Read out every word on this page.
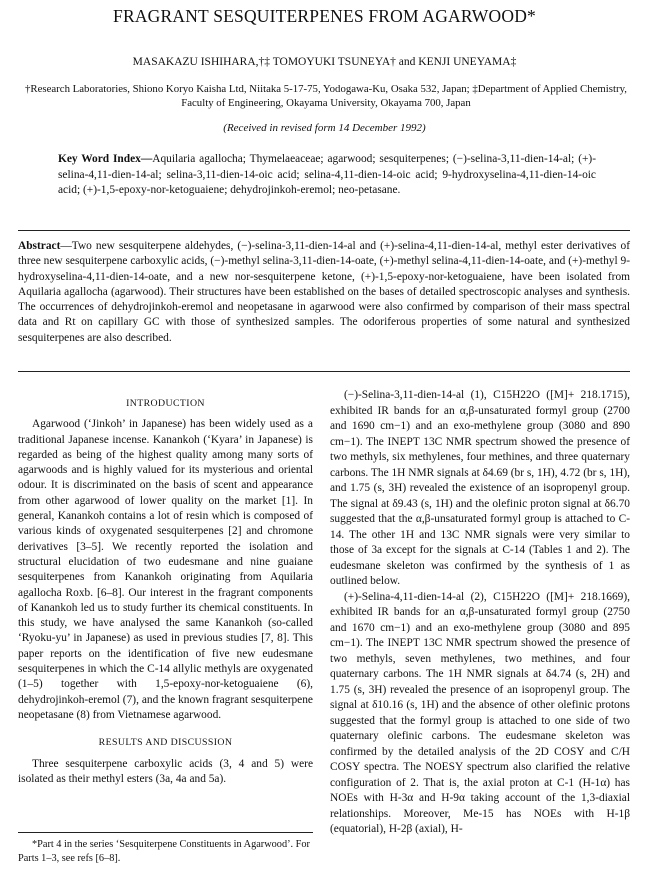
FRAGRANT SESQUITERPENES FROM AGARWOOD*
MASAKAZU ISHIHARA,†‡ TOMOYUKI TSUNEYA† and KENJI UNEYAMA‡
†Research Laboratories, Shiono Koryo Kaisha Ltd, Niitaka 5-17-75, Yodogawa-Ku, Osaka 532, Japan; ‡Department of Applied Chemistry, Faculty of Engineering, Okayama University, Okayama 700, Japan
(Received in revised form 14 December 1992)
Key Word Index—Aquilaria agallocha; Thymelaeaceae; agarwood; sesquiterpenes; (−)-selina-3,11-dien-14-al; (+)-selina-4,11-dien-14-al; selina-3,11-dien-14-oic acid; selina-4,11-dien-14-oic acid; 9-hydroxyselina-4,11-dien-14-oic acid; (+)-1,5-epoxy-nor-ketoguaiene; dehydrojinkoh-eremol; neo-petasane.
Abstract—Two new sesquiterpene aldehydes, (−)-selina-3,11-dien-14-al and (+)-selina-4,11-dien-14-al, methyl ester derivatives of three new sesquiterpene carboxylic acids, (−)-methyl selina-3,11-dien-14-oate, (+)-methyl selina-4,11-dien-14-oate, and (+)-methyl 9-hydroxyselina-4,11-dien-14-oate, and a new nor-sesquiterpene ketone, (+)-1,5-epoxy-nor-ketoguaiene, have been isolated from Aquilaria agallocha (agarwood). Their structures have been established on the bases of detailed spectroscopic analyses and synthesis. The occurrences of dehydrojinkoh-eremol and neopetasane in agarwood were also confirmed by comparison of their mass spectral data and Rt on capillary GC with those of synthesized samples. The odoriferous properties of some natural and synthesized sesquiterpenes are also described.
INTRODUCTION

Agarwood (‘Jinkoh’ in Japanese) has been widely used as a traditional Japanese incense. Kanankoh (‘Kyara’ in Japanese) is regarded as being of the highest quality among many sorts of agarwoods and is highly valued for its mysterious and oriental odour. It is discriminated on the basis of scent and appearance from other agarwood of lower quality on the market [1]. In general, Kanankoh contains a lot of resin which is composed of various kinds of oxygenated sesquiterpenes [2] and chromone derivatives [3–5]. We recently reported the isolation and structural elucidation of two eudesmane and nine guaiane sesquiterpenes from Kanankoh originating from Aquilaria agallocha Roxb. [6–8]. Our interest in the fragrant components of Kanankoh led us to study further its chemical constituents. In this study, we have analysed the same Kanankoh (so-called ‘Ryoku-yu’ in Japanese) as used in previous studies [7, 8]. This paper reports on the identification of five new eudesmane sesquiterpenes in which the C-14 allylic methyls are oxygenated (1–5) together with 1,5-epoxy-nor-ketoguaiene (6), dehydrojinkoh-eremol (7), and the known fragrant sesquiterpene neopetasane (8) from Vietnamese agarwood.

RESULTS AND DISCUSSION

Three sesquiterpene carboxylic acids (3, 4 and 5) were isolated as their methyl esters (3a, 4a and 5a).

*Part 4 in the series ‘Sesquiterpene Constituents in Agarwood’. For Parts 1–3, see refs [6–8].

(−)-Selina-3,11-dien-14-al (1), C15H22O ([M]+ 218.1715), exhibited IR bands for an α,β-unsaturated formyl group (2700 and 1690 cm−1) and an exo-methylene group (3080 and 890 cm−1). The INEPT 13C NMR spectrum showed the presence of two methyls, six methylenes, four methines, and three quaternary carbons. The 1H NMR signals at δ4.69 (br s, 1H), 4.72 (br s, 1H), and 1.75 (s, 3H) revealed the existence of an isopropenyl group. The signal at δ9.43 (s, 1H) and the olefinic proton signal at δ6.70 suggested that the α,β-unsaturated formyl group is attached to C-14. The other 1H and 13C NMR signals were very similar to those of 3a except for the signals at C-14 (Tables 1 and 2). The eudesmane skeleton was confirmed by the synthesis of 1 as outlined below.

(+)-Selina-4,11-dien-14-al (2), C15H22O ([M]+ 218.1669), exhibited IR bands for an α,β-unsaturated formyl group (2750 and 1670 cm−1) and an exo-methylene group (3080 and 895 cm−1). The INEPT 13C NMR spectrum showed the presence of two methyls, seven methylenes, two methines, and four quaternary carbons. The 1H NMR signals at δ4.74 (s, 2H) and 1.75 (s, 3H) revealed the presence of an isopropenyl group. The signal at δ10.16 (s, 1H) and the absence of other olefinic protons suggested that the formyl group is attached to one side of two quaternary olefinic carbons. The eudesmane skeleton was confirmed by the detailed analysis of the 2D COSY and C/H COSY spectra. The NOESY spectrum also clarified the relative configuration of 2. That is, the axial proton at C-1 (H-1α) has NOEs with H-3α and H-9α taking account of the 1,3-diaxial relationships. Moreover, Me-15 has NOEs with H-1β (equatorial), H-2β (axial), H-
